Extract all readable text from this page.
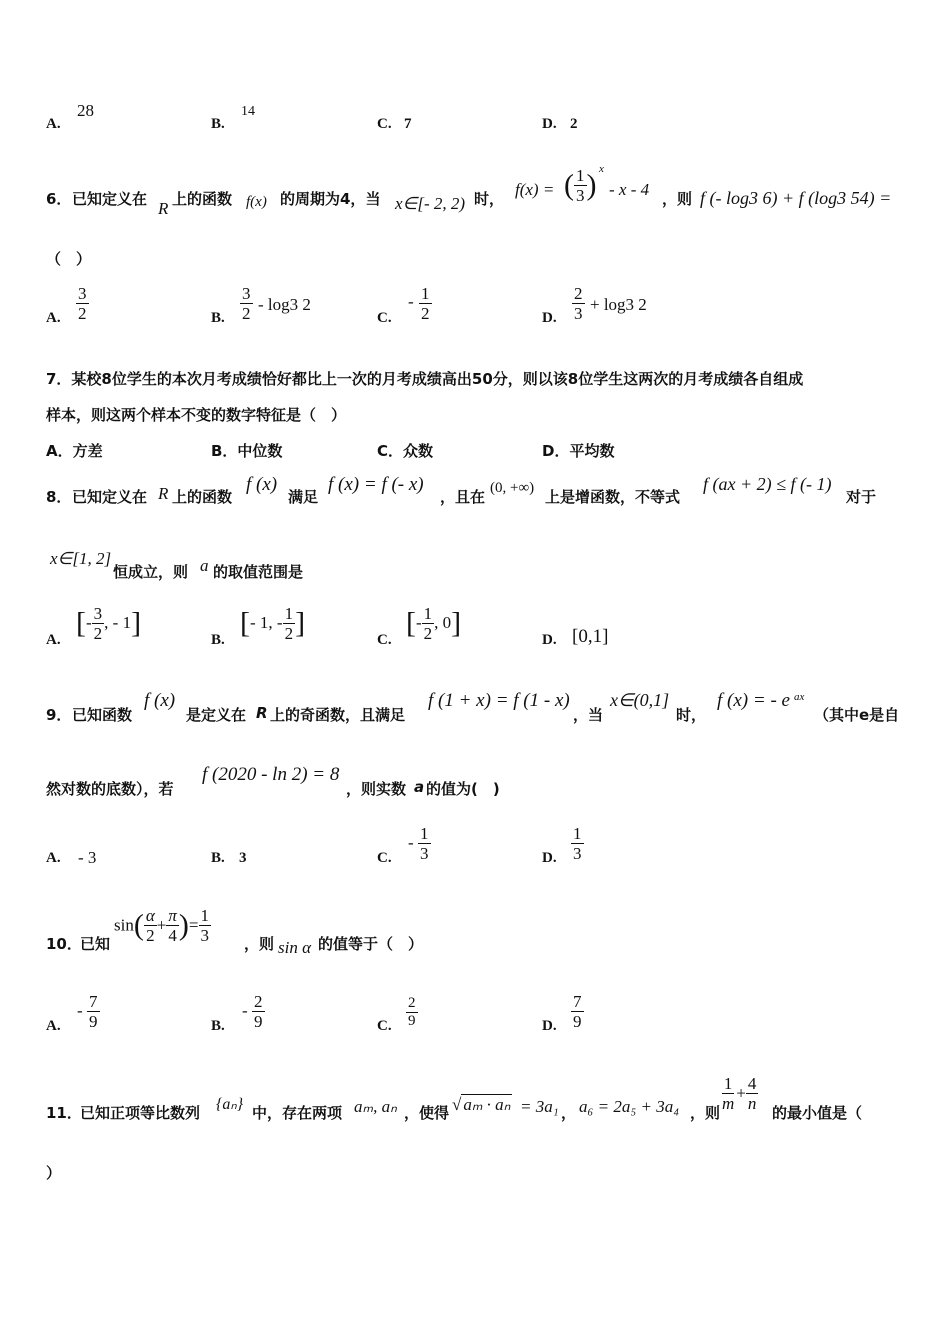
A.
28
B.
14
C. 7	D. 2
6． 已知定义在 R 上的函数 f(x) 的周期为4，当 x∈[- 2, 2) 时， f(x) = ( $\frac{1}{3}$ ) x
- x - 4 ，则 f (- log3 6) + f (log3 54) =
（　）
A. $\frac{3}{2}$	B. $\frac{3}{2} - \log 3$ 2
C.
- $\frac{1}{2}$	D. $\frac{2}{3} + \log 3$ 2
7．某校8位学生的本次月考成绩恰好都比上一次的月考成绩高出50分，则以该8位学生这两次的月考成绩各自组成
样本，则这两个样本不变的数字特征是（　）
A．方差	B．中位数	C．众数	D．平均数
8． 已知定义在 R 上的函数
f (x)
满足
f (x) = f (- x)
，且在 (0, +∞) 上是增函数，不等式
f (ax + 2) ≤ f (- 1)
对于
x∈[1, 2]
恒成立，则 a 的取值范围是
A.
[- $\frac{3}{2}$ , - 1]
B.
[- 1, - $\frac{1}{2}$ ]
C.
[- $\frac{1}{2}$ , 0]
D. [0,1]
9． 已知函数
f (x)
是定义在 R 上的奇函数，且满足
f (1 + x) = f (1 - x)
，当
x∈(0,1]
时，
f (x) = - e ax
（其中e是自
然对数的底数），若
f (2020 - ln 2) = 8
，则实数 a 的值为(　)
A. - 3	B. 3	C.
- $\frac{1}{3}$	D. $\frac{1}{3}$
10．
已知
$\sin( \frac{\alpha}{2} + \frac{\pi}{4}$ )= $\frac{1}{3}$ ，则 sin α 的值等于（　）
A.
- $\frac{7}{9}$	B.
- $\frac{2}{9}$	C. $\frac{2}{9}$	D. $\frac{7}{9}$
11．
已知正项等比数列 {aₙ} 中，存在两项 aₘ, aₙ ，使得 √ aₘ · aₙ = 3a₁ ， a₆ = 2a₅ + 3a₄ ，则 $\frac{1}{m} + \frac{4}{n}$ 的最小值是（
）
